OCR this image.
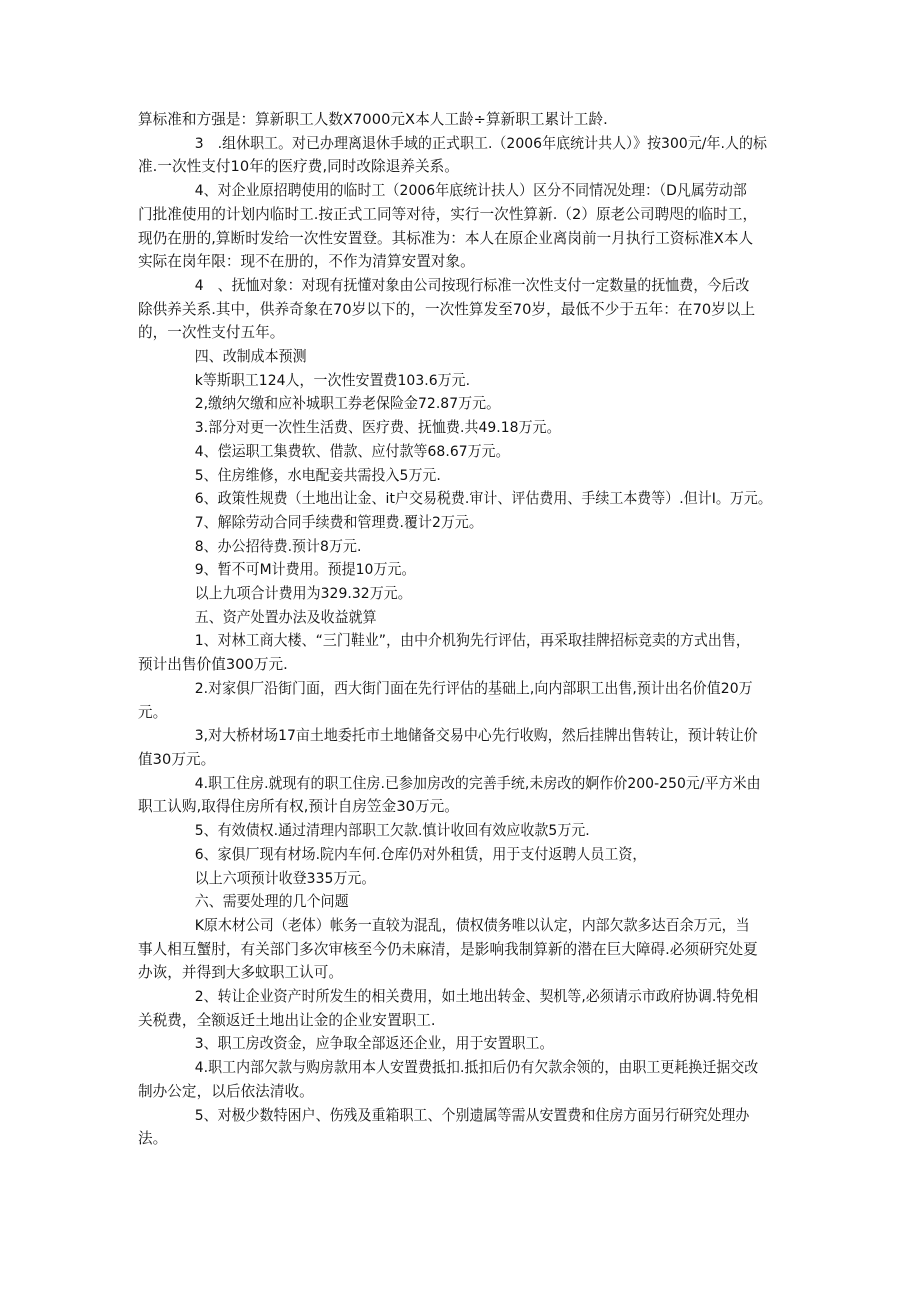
算标准和方强是：算新职工人数X7000元X本人工龄÷算新职工累计工龄.
3　.组休职工。对已办理离退休手域的正式职工.（2006年底统计共人）》按300元/年.人的标
准.一次性支付10年的医疗费,同时改除退养关系。
4、对企业原招聘使用的临时工（2006年底统计扶人）区分不同情况处理：（D凡属劳动部
门批准使用的计划内临时工.按正式工同等对待，实行一次性算新.（2）原老公司聘咫的临时工，
现仍在册的,算断时发给一次性安置登。其标准为：本人在原企业离岗前一月执行工资标准X本人
实际在岗年限：现不在册的，不作为清算安置对象。
4　、抚恤对象：对现有抚懂对象由公司按现行标准一次性支付一定数量的抚恤费，今后改
除供养关系.其中，供养奇象在70岁以下的，一次性算发至70岁，最低不少于五年：在70岁以上
的，一次性支付五年。
四、改制成本预测
k等斯职工124人，一次性安置费103.6万元.
2,缴纳欠缴和应补城职工券老保险金72.87万元。
3.部分对更一次性生活费、医疗费、抚恤费.共49.18万元。
4、偿运职工集费软、借款、应付款等68.67万元。
5、住房维修，水电配妾共需投入5万元.
6、政策性规费（土地出让金、it户交易税费.审计、评估费用、手续工本费等）.但计I。万元。
7、解除劳动合同手续费和管理费.覆计2万元。
8、办公招待费.预计8万元.
9、暂不可M计费用。预提10万元。
以上九项合计费用为329.32万元。
五、资产处置办法及收益就算
1、对林工商大楼、“三门鞋业”，由中介机狗先行评估，再采取挂牌招标竞卖的方式出售，
预计出售价值300万元.
2.对家俱厂沿街门面，西大街门面在先行评估的基础上,向内部职工出售,预计出名价值20万
元。
3,对大桥材场17亩土地委托市土地储备交易中心先行收购，然后挂牌出售转让，预计转让价
值30万元。
4.职工住房.就现有的职工住房.已参加房改的完善手统,未房改的婀作价200-250元/平方米由
职工认购,取得住房所有权,预计自房笠金30万元。
5、有效债权.通过清理内部职工欠款.慎计收回有效应收款5万元.
6、家俱厂现有材场.院内车何.仓库仍对外租赁，用于支付返聘人员工资，
以上六项预计收登335万元。
六、需要处理的几个问题
K原木材公司（老体）帐务一直较为混乱，债权债务唯以认定，内部欠款多达百余万元，当
事人相互蟹肘，有关部门多次审核至今仍未麻清，是影响我制算新的潜在巨大障碍.必须研究处夏
办诙，并得到大多蚊职工认可。
2、转让企业资产时所发生的相关费用，如土地出转金、契机等,必须请示市政府协调.特免相
关税费，全额返迁土地出让金的企业安置职工.
3、职工房改资金，应争取全部返还企业，用于安置职工。
4.职工内部欠款与购房款用本人安置费抵扣.抵扣后仍有欠款余领的，由职工更耗换迁据交改
制办公定，以后依法清收。
5、对极少数特困户、伤残及重箱职工、个别遗属等需从安置费和住房方面另行研究处理办
法。
